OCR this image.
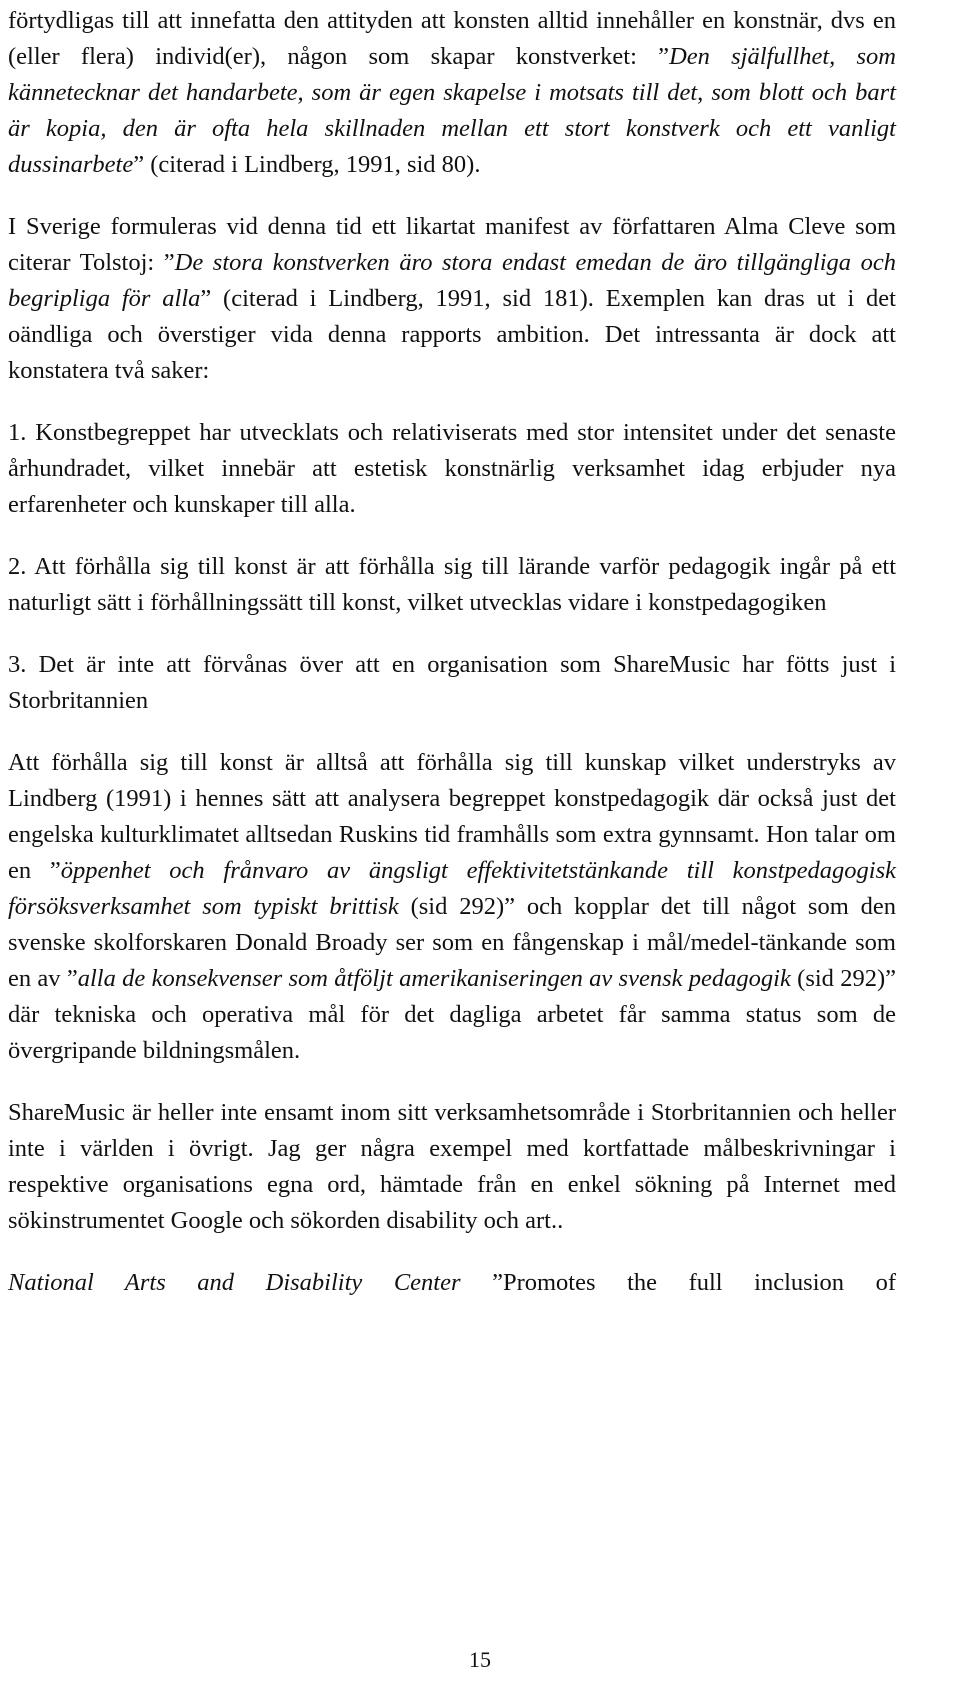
förtydligas till att innefatta den attityden att konsten alltid innehåller en konstnär, dvs en (eller flera) individ(er), någon som skapar konstverket: ”Den själfullhet, som kännetecknar det handarbete, som är egen skapelse i motsats till det, som blott och bart är kopia, den är ofta hela skillnaden mellan ett stort konstverk och ett vanligt dussinarbete” (citerad i Lindberg, 1991, sid 80).

I Sverige formuleras vid denna tid ett likartat manifest av författaren Alma Cleve som citerar Tolstoj: ”De stora konstverken äro stora endast emedan de äro tillgängliga och begripliga för alla” (citerad i Lindberg, 1991, sid 181). Exemplen kan dras ut i det oändliga och överstiger vida denna rapports ambition. Det intressanta är dock att konstatera två saker:

1. Konstbegreppet har utvecklats och relativiserats med stor intensitet under det senaste århundradet, vilket innebär att estetisk konstnärlig verksamhet idag erbjuder nya erfarenheter och kunskaper till alla.

2. Att förhålla sig till konst är att förhålla sig till lärande varför pedagogik ingår på ett naturligt sätt i förhållningssätt till konst, vilket utvecklas vidare i konstpedagogiken

3. Det är inte att förvånas över att en organisation som ShareMusic har fötts just i Storbritannien

Att förhålla sig till konst är alltså att förhålla sig till kunskap vilket understryks av Lindberg (1991) i hennes sätt att analysera begreppet konstpedagogik där också just det engelska kulturklimatet alltsedan Ruskins tid framhålls som extra gynnsamt. Hon talar om en ”öppenhet och frånvaro av ängsligt effektivitetstänkande till konstpedagogisk försöksverksamhet som typiskt brittisk (sid 292)” och kopplar det till något som den svenske skolforskaren Donald Broady ser som en fångenskap i mål/medel-tänkande som en av ”alla de konsekvenser som åtföljt amerikaniseringen av svensk pedagogik (sid 292)” där tekniska och operativa mål för det dagliga arbetet får samma status som de övergripande bildningsmålen.

ShareMusic är heller inte ensamt inom sitt verksamhetsområde i Storbritannien och heller inte i världen i övrigt. Jag ger några exempel med kortfattade målbeskrivningar i respektive organisations egna ord, hämtade från en enkel sökning på Internet med sökinstrumentet Google och sökorden disability och art..

National Arts and Disability Center ”Promotes the full inclusion of

15
